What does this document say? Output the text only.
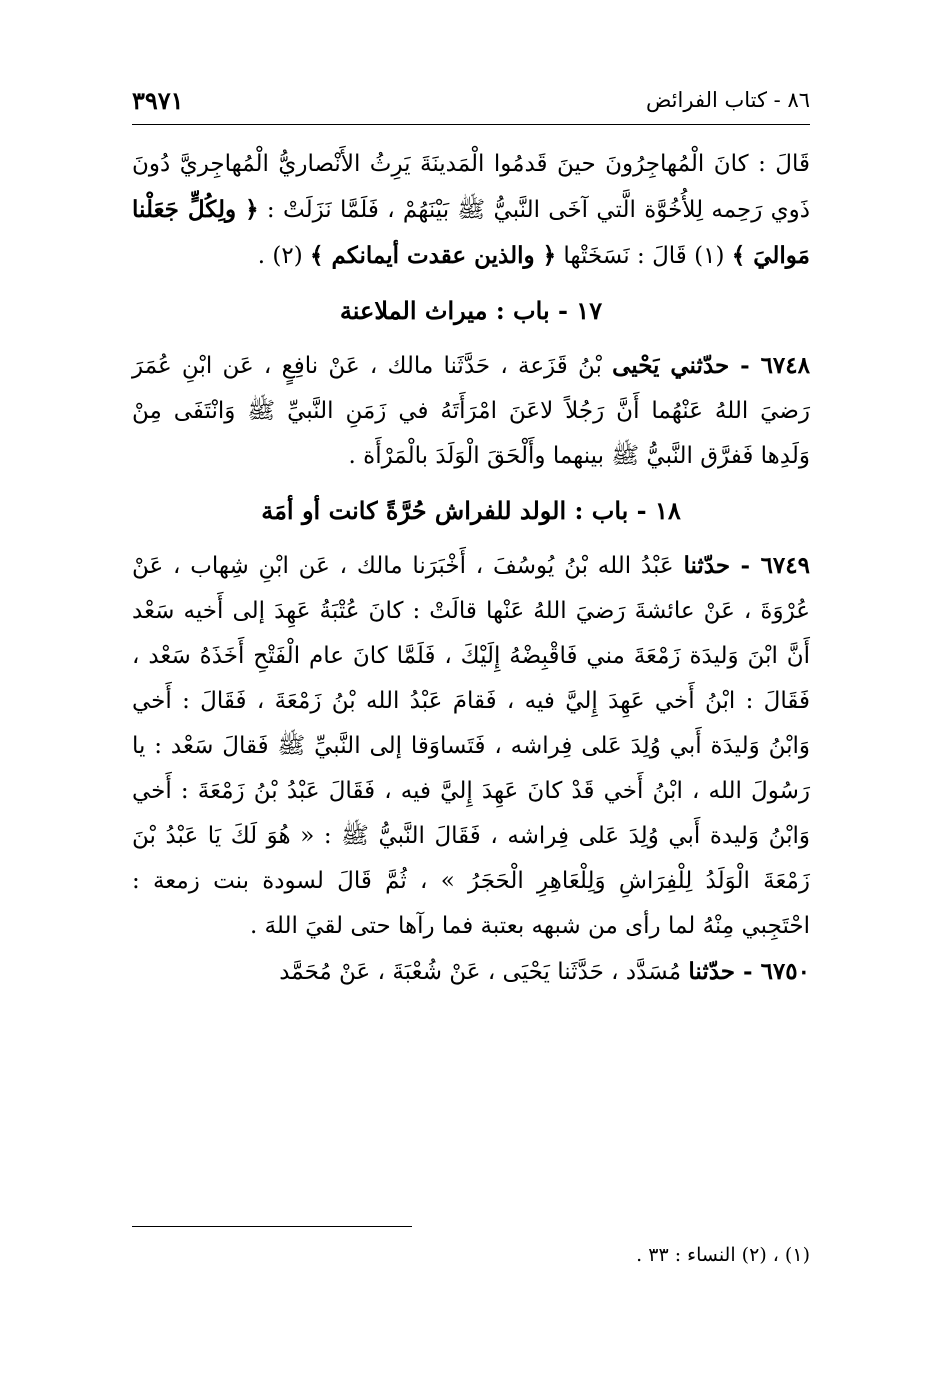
٨٦ - كتاب الفرائض
٣٩٧١

قَالَ : كانَ الْمُهاجِرُونَ حينَ قَدمُوا الْمَدينَةَ يَرِثُ الأَنْصاريُّ الْمُهاجِريَّ دُونَ ذَوي رَحِمه لِلأُخُوَّة الَّتي آخَى النَّبيُّ ﷺ بَيْنَهُمْ ، فَلَمَّا نَزَلَتْ : ﴿ ولِكُلٍّ جَعَلْنا مَواليَ ﴾ (١) قَالَ : نَسَخَتْها ﴿ والذين عقدت أيمانكم ﴾ (٢) .

١٧ - باب : ميراث الملاعنة

٦٧٤٨ - حدّثني يَحْيى بْنُ قَزَعة ، حَدَّثَنا مالك ، عَنْ نافِعٍ ، عَن ابْنِ عُمَرَ رَضيَ اللهُ عَنْهُما أَنَّ رَجُلاً لاعَنَ امْرَأَتَهُ في زَمَنِ النَّبيِّ ﷺ وَانْتَفَى مِنْ وَلَدِها فَفرَّق النَّبيُّ ﷺ بينهما وأَلْحَقَ الْوَلَدَ بالْمَرْأَة .

١٨ - باب : الولد للفراش حُرَّةً كانت أو أمَة

٦٧٤٩ - حدّثنا عَبْدُ الله بْنُ يُوسُفَ ، أَخْبَرَنا مالك ، عَن ابْنِ شِهاب ، عَنْ عُرْوَةَ ، عَنْ عائشةَ رَضيَ اللهُ عَنْها قالَتْ : كانَ عُتْبَةُ عَهِدَ إلى أَخيه سَعْد أَنَّ ابْنَ وَليدَة زَمْعَةَ مني فَاقْبِضْهُ إِلَيْكَ ، فَلَمَّا كانَ عام الْفَتْحِ أَخَذَهُ سَعْد ، فَقَالَ : ابْنُ أَخي عَهِدَ إِليَّ فيه ، فَقامَ عَبْدُ الله بْنُ زَمْعَةَ ، فَقَالَ : أَخي وَابْنُ وَليدَة أَبي وُلِدَ عَلى فِراشه ، فَتَساوَقا إلى النَّبيِّ ﷺ فَقالَ سَعْد : يا رَسُولَ الله ، ابْنُ أَخي قَدْ كانَ عَهِدَ إِليَّ فيه ، فَقَالَ عَبْدُ بْنُ زَمْعَةَ : أَخي وَابْنُ وَليدة أَبي وُلِدَ عَلى فِراشه ، فَقَالَ النَّبيُّ ﷺ : « هُوَ لَكَ يَا عَبْدُ بْنَ زَمْعَةَ الْوَلَدُ لِلْفِرَاشِ وَلِلْعَاهِرِ الْحَجَرُ » ، ثُمَّ قَالَ لسودة بنت زمعة : احْتَجِبي مِنْهُ لما رأى من شبهه بعتبة فما رآها حتى لقيَ اللهَ .

٦٧٥٠ - حدّثنا مُسَدَّد ، حَدَّثَنا يَحْيَى ، عَنْ شُعْبَةَ ، عَنْ مُحَمَّد

(١) ، (٢) النساء : ٣٣ .
